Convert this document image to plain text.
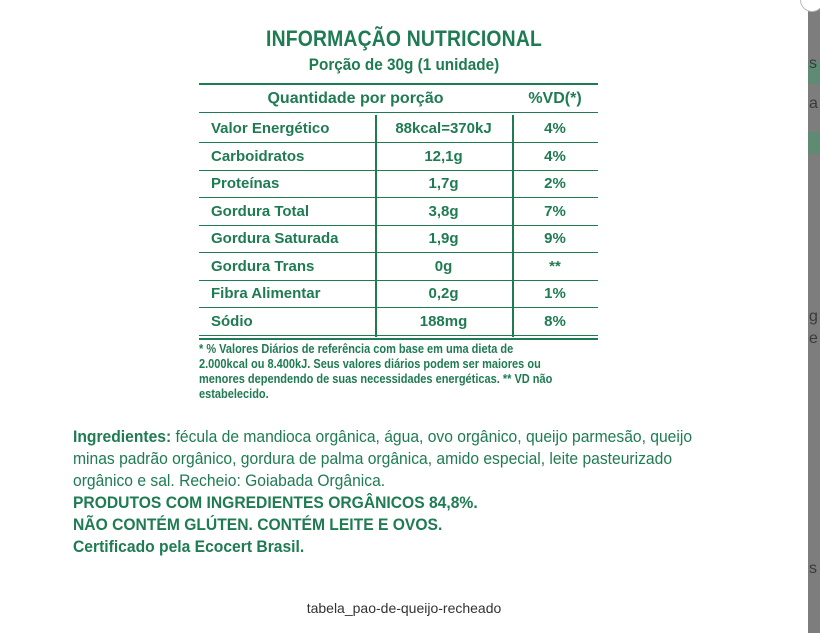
s
a
g
e
s
INFORMAÇÃO NUTRICIONAL
Porção de 30g (1 unidade)
Quantidade por porção	%VD(*)
Valor Energético	88kcal=370kJ	4%
Carboidratos	12,1g	4%
Proteínas	1,7g	2%
Gordura Total	3,8g	7%
Gordura Saturada	1,9g	9%
Gordura Trans	0g	**
Fibra Alimentar	0,2g	1%
Sódio	188mg	8%
* % Valores Diários de referência com base em uma dieta de 2.000kcal ou 8.400kJ. Seus valores diários podem ser maiores ou menores dependendo de suas necessidades energéticas. ** VD não estabelecido.
Ingredientes: fécula de mandioca orgânica, água, ovo orgânico, queijo parmesão, queijo minas padrão orgânico, gordura de palma orgânica, amido especial, leite pasteurizado orgânico e sal. Recheio: Goiabada Orgânica.
PRODUTOS COM INGREDIENTES ORGÂNICOS 84,8%.
NÃO CONTÉM GLÚTEN. CONTÉM LEITE E OVOS.
Certificado pela Ecocert Brasil.
tabela_pao-de-queijo-recheado
